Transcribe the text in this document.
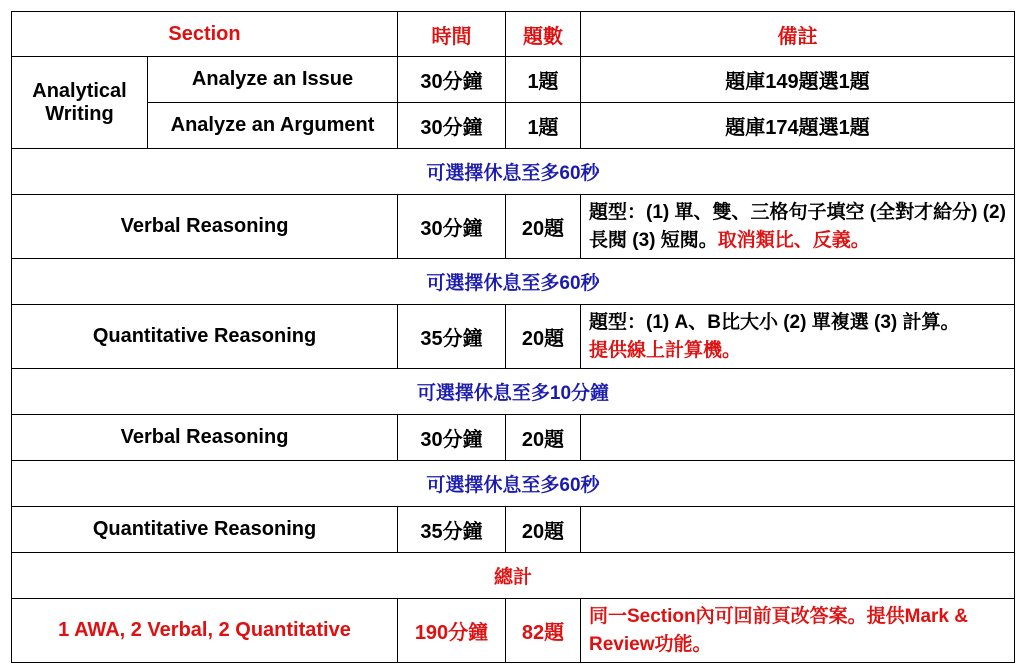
Section		時間	題數	備註
Analytical Writing	Analyze an Issue	30分鐘	1題	題庫149題選1題
	Analyze an Argument	30分鐘	1題	題庫174題選1題
可選擇休息至多60秒				
Verbal Reasoning		30分鐘	20題	題型：(1) 單、雙、三格句子填空 (全對才給分) (2) 長閱 (3) 短閱。取消類比、反義。
可選擇休息至多60秒				
Quantitative Reasoning		35分鐘	20題	題型：(1) A、B比大小 (2) 單複選 (3) 計算。
提供線上計算機。
可選擇休息至多10分鐘				
Verbal Reasoning		30分鐘	20題	
可選擇休息至多60秒				
Quantitative Reasoning		35分鐘	20題	
總計				
1 AWA, 2 Verbal, 2 Quantitative		190分鐘	82題	同一Section內可回前頁改答案。提供Mark & Review功能。
